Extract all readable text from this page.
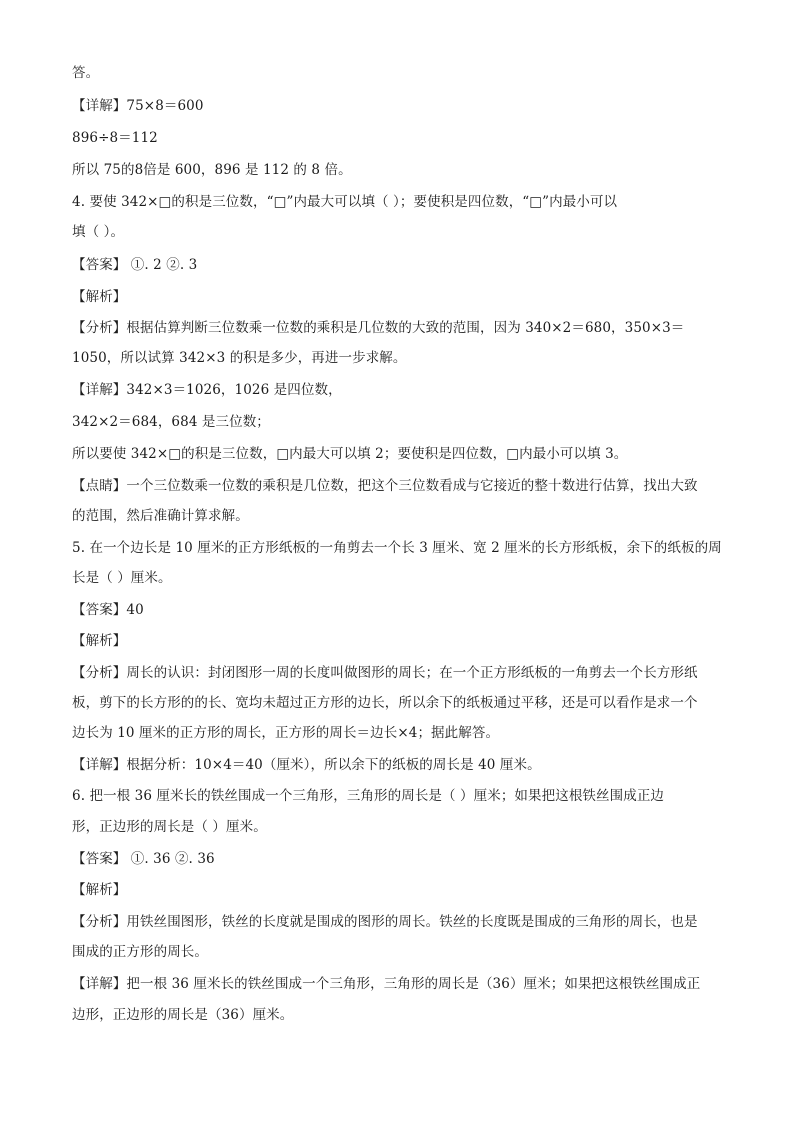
答。
【详解】75×8＝600
896÷8＝112
所以 75的8倍是 600，896 是 112 的 8 倍。
4. 要使 342×□的积是三位数，“□”内最大可以填（ ）；要使积是四位数，“□”内最小可以
填（ ）。
【答案】 ①. 2 ②. 3
【解析】
【分析】根据估算判断三位数乘一位数的乘积是几位数的大致的范围，因为 340×2＝680，350×3＝
1050，所以试算 342×3 的积是多少，再进一步求解。
【详解】342×3＝1026，1026 是四位数，
342×2＝684，684 是三位数；
所以要使 342×□的积是三位数，□内最大可以填 2；要使积是四位数，□内最小可以填 3。
【点睛】一个三位数乘一位数的乘积是几位数，把这个三位数看成与它接近的整十数进行估算，找出大致
的范围，然后准确计算求解。
5. 在一个边长是 10 厘米的正方形纸板的一角剪去一个长 3 厘米、宽 2 厘米的长方形纸板，余下的纸板的周
长是（ ）厘米。
【答案】40
【解析】
【分析】周长的认识：封闭图形一周的长度叫做图形的周长；在一个正方形纸板的一角剪去一个长方形纸
板，剪下的长方形的的长、宽均未超过正方形的边长，所以余下的纸板通过平移，还是可以看作是求一个
边长为 10 厘米的正方形的周长，正方形的周长＝边长×4；据此解答。
【详解】根据分析：10×4＝40（厘米），所以余下的纸板的周长是 40 厘米。
6. 把一根 36 厘米长的铁丝围成一个三角形，三角形的周长是（ ）厘米；如果把这根铁丝围成正边
形，正边形的周长是（ ）厘米。
【答案】 ①. 36 ②. 36
【解析】
【分析】用铁丝围图形，铁丝的长度就是围成的图形的周长。铁丝的长度既是围成的三角形的周长，也是
围成的正方形的周长。
【详解】把一根 36 厘米长的铁丝围成一个三角形，三角形的周长是（36）厘米；如果把这根铁丝围成正
边形，正边形的周长是（36）厘米。
